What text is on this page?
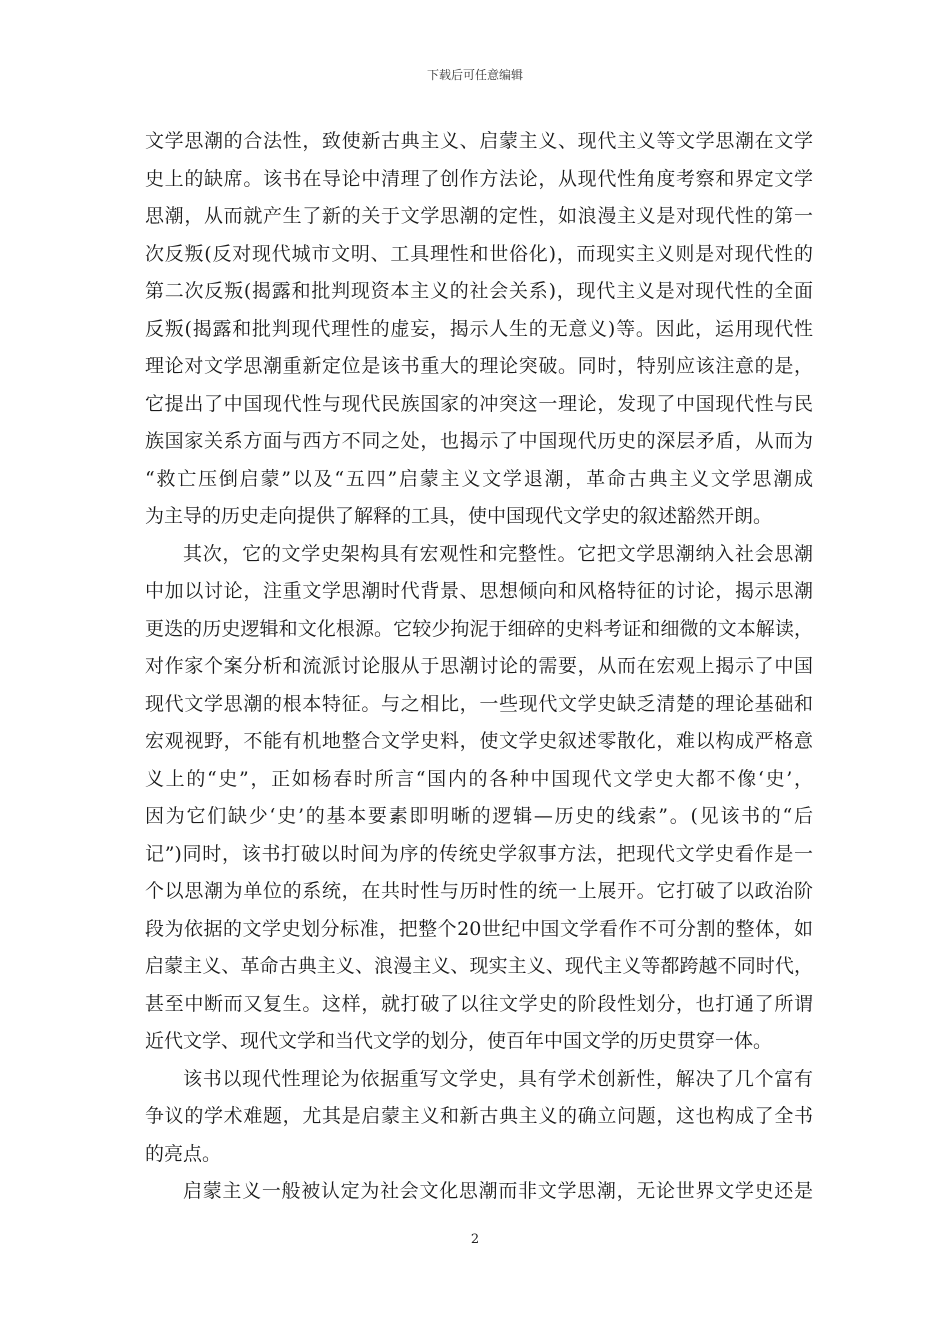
下载后可任意编辑
文学思潮的合法性，致使新古典主义、启蒙主义、现代主义等文学思潮在文学
史上的缺席。该书在导论中清理了创作方法论，从现代性角度考察和界定文学
思潮，从而就产生了新的关于文学思潮的定性，如浪漫主义是对现代性的第一
次反叛(反对现代城市文明、工具理性和世俗化)，而现实主义则是对现代性的
第二次反叛(揭露和批判现资本主义的社会关系)，现代主义是对现代性的全面
反叛(揭露和批判现代理性的虚妄，揭示人生的无意义)等。因此，运用现代性
理论对文学思潮重新定位是该书重大的理论突破。同时，特别应该注意的是，
它提出了中国现代性与现代民族国家的冲突这一理论，发现了中国现代性与民
族国家关系方面与西方不同之处，也揭示了中国现代历史的深层矛盾，从而为
“救亡压倒启蒙”以及“五四”启蒙主义文学退潮，革命古典主义文学思潮成
为主导的历史走向提供了解释的工具，使中国现代文学史的叙述豁然开朗。
其次，它的文学史架构具有宏观性和完整性。它把文学思潮纳入社会思潮
中加以讨论，注重文学思潮时代背景、思想倾向和风格特征的讨论，揭示思潮
更迭的历史逻辑和文化根源。它较少拘泥于细碎的史料考证和细微的文本解读，
对作家个案分析和流派讨论服从于思潮讨论的需要，从而在宏观上揭示了中国
现代文学思潮的根本特征。与之相比，一些现代文学史缺乏清楚的理论基础和
宏观视野，不能有机地整合文学史料，使文学史叙述零散化，难以构成严格意
义上的“史”，正如杨春时所言“国内的各种中国现代文学史大都不像‘史’，
因为它们缺少‘史’的基本要素即明晰的逻辑—历史的线索”。(见该书的“后
记”)同时，该书打破以时间为序的传统史学叙事方法，把现代文学史看作是一
个以思潮为单位的系统，在共时性与历时性的统一上展开。它打破了以政治阶
段为依据的文学史划分标准，把整个20世纪中国文学看作不可分割的整体，如
启蒙主义、革命古典主义、浪漫主义、现实主义、现代主义等都跨越不同时代，
甚至中断而又复生。这样，就打破了以往文学史的阶段性划分，也打通了所谓
近代文学、现代文学和当代文学的划分，使百年中国文学的历史贯穿一体。
该书以现代性理论为依据重写文学史，具有学术创新性，解决了几个富有
争议的学术难题，尤其是启蒙主义和新古典主义的确立问题，这也构成了全书
的亮点。
启蒙主义一般被认定为社会文化思潮而非文学思潮，无论世界文学史还是
2
